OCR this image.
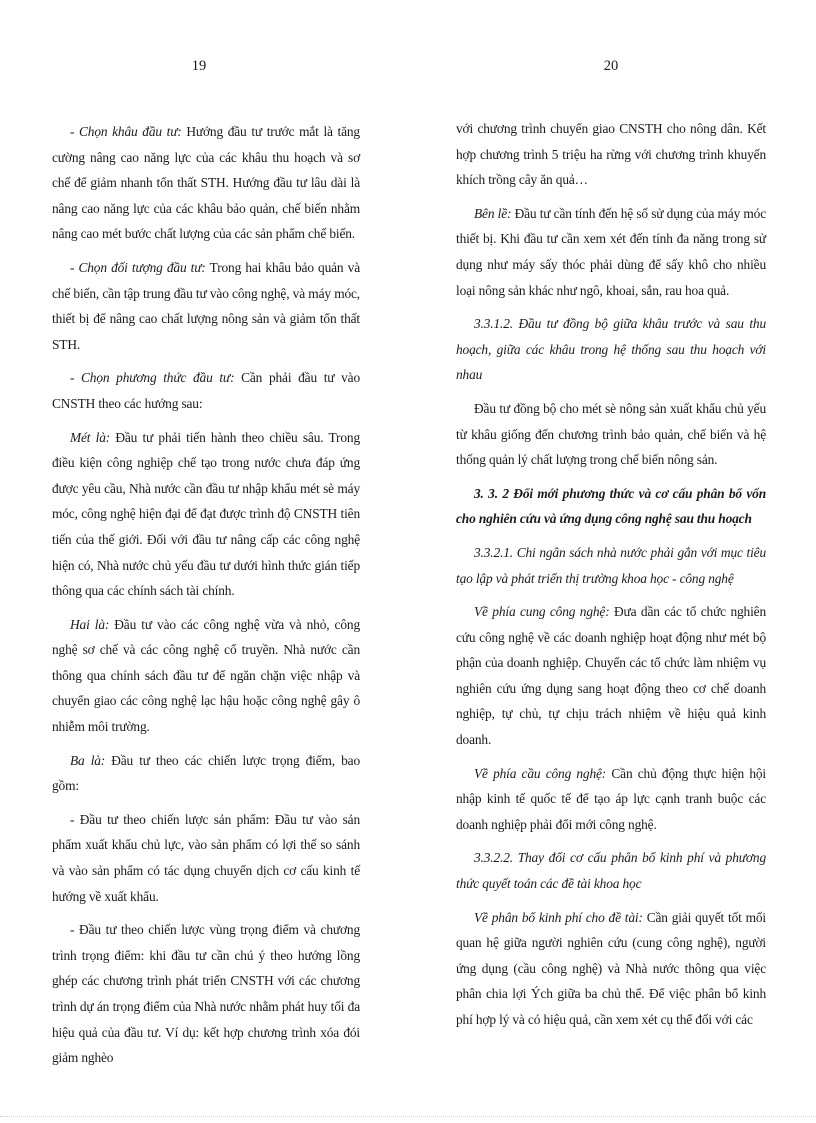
19

- Chọn khâu đầu tư: Hướng đầu tư trước mắt là tăng cường nâng cao năng lực của các khâu thu hoạch và sơ chế để giảm nhanh tổn thất STH. Hướng đầu tư lâu dài là nâng cao năng lực của các khâu bảo quản, chế biến nhằm nâng cao mét bước chất lượng của các sản phẩm chế biến.

- Chọn đối tượng đầu tư: Trong hai khâu bảo quản và chế biến, cần tập trung đầu tư vào công nghệ, và máy móc, thiết bị để nâng cao chất lượng nông sản và giảm tổn thất STH.

- Chọn phương thức đầu tư: Cần phải đầu tư vào CNSTH theo các hướng sau:

Mét là: Đầu tư phải tiến hành theo chiều sâu. Trong điều kiện công nghiệp chế tạo trong nước chưa đáp ứng được yêu cầu, Nhà nước cần đầu tư nhập khẩu mét sè máy móc, công nghệ hiện đại để đạt được trình độ CNSTH tiên tiến của thế giới. Đối với đầu tư nâng cấp các công nghệ hiện có, Nhà nước chủ yếu đầu tư dưới hình thức gián tiếp thông qua các chính sách tài chính.

Hai là: Đầu tư vào các công nghệ vừa và nhỏ, công nghệ sơ chế và các công nghệ cổ truyền. Nhà nước cần thông qua chính sách đầu tư để ngăn chặn việc nhập và chuyển giao các công nghệ lạc hậu hoặc công nghệ gây ô nhiễm môi trường.

Ba là: Đầu tư theo các chiến lược trọng điểm, bao gồm:

- Đầu tư theo chiến lược sản phẩm: Đầu tư vào sản phẩm xuất khẩu chủ lực, vào sản phẩm có lợi thế so sánh và vào sản phẩm có tác dụng chuyển dịch cơ cấu kinh tế hướng về xuất khẩu.

- Đầu tư theo chiến lược vùng trọng điểm và chương trình trọng điểm: khi đầu tư cần chú ý theo hướng lồng ghép các chương trình phát triển CNSTH với các chương trình dự án trọng điểm của Nhà nước nhằm phát huy tối đa hiệu quả của đầu tư. Ví dụ: kết hợp chương trình xóa đói giảm nghèo

20

với chương trình chuyển giao CNSTH cho nông dân. Kết hợp chương trình 5 triệu ha rừng với chương trình khuyến khích trồng cây ăn quả…

Bên lề: Đầu tư cần tính đến hệ số sử dụng của máy móc thiết bị. Khi đầu tư cần xem xét đến tính đa năng trong sử dụng như máy sấy thóc phải dùng để sấy khô cho nhiều loại nông sản khác như ngô, khoai, sắn, rau hoa quả.

3.3.1.2. Đầu tư đồng bộ giữa khâu trước và sau thu hoạch, giữa các khâu trong hệ thống sau thu hoạch với nhau

Đầu tư đồng bộ cho mét sè nông sản xuất khẩu chủ yếu từ khâu giống đến chương trình bảo quản, chế biến và hệ thống quản lý chất lượng trong chế biến nông sản.

3. 3. 2 Đổi mới phương thức và cơ cấu phân bổ vốn cho nghiên cứu và ứng dụng công nghệ sau thu hoạch

3.3.2.1. Chi ngân sách nhà nước phải gắn với mục tiêu tạo lập và phát triển thị trường khoa học - công nghệ

Về phía cung công nghệ: Đưa dần các tổ chức nghiên cứu công nghệ về các doanh nghiệp hoạt động như mét bộ phận của doanh nghiệp. Chuyển các tổ chức làm nhiệm vụ nghiên cứu ứng dụng sang hoạt động theo cơ chế doanh nghiệp, tự chủ, tự chịu trách nhiệm về hiệu quả kinh doanh.

Về phía cầu công nghệ: Cần chủ động thực hiện hội nhập kinh tế quốc tế để tạo áp lực cạnh tranh buộc các doanh nghiệp phải đổi mới công nghệ.

3.3.2.2. Thay đổi cơ cấu phân bổ kinh phí và phương thức quyết toán các đề tài khoa học

Về phân bổ kinh phí cho đề tài: Cần giải quyết tốt mối quan hệ giữa người nghiên cứu (cung công nghệ), người ứng dụng (cầu công nghệ) và Nhà nước thông qua việc phân chia lợi Ých giữa ba chủ thể. Để việc phân bổ kinh phí hợp lý và có hiệu quả, cần xem xét cụ thể đối với các
